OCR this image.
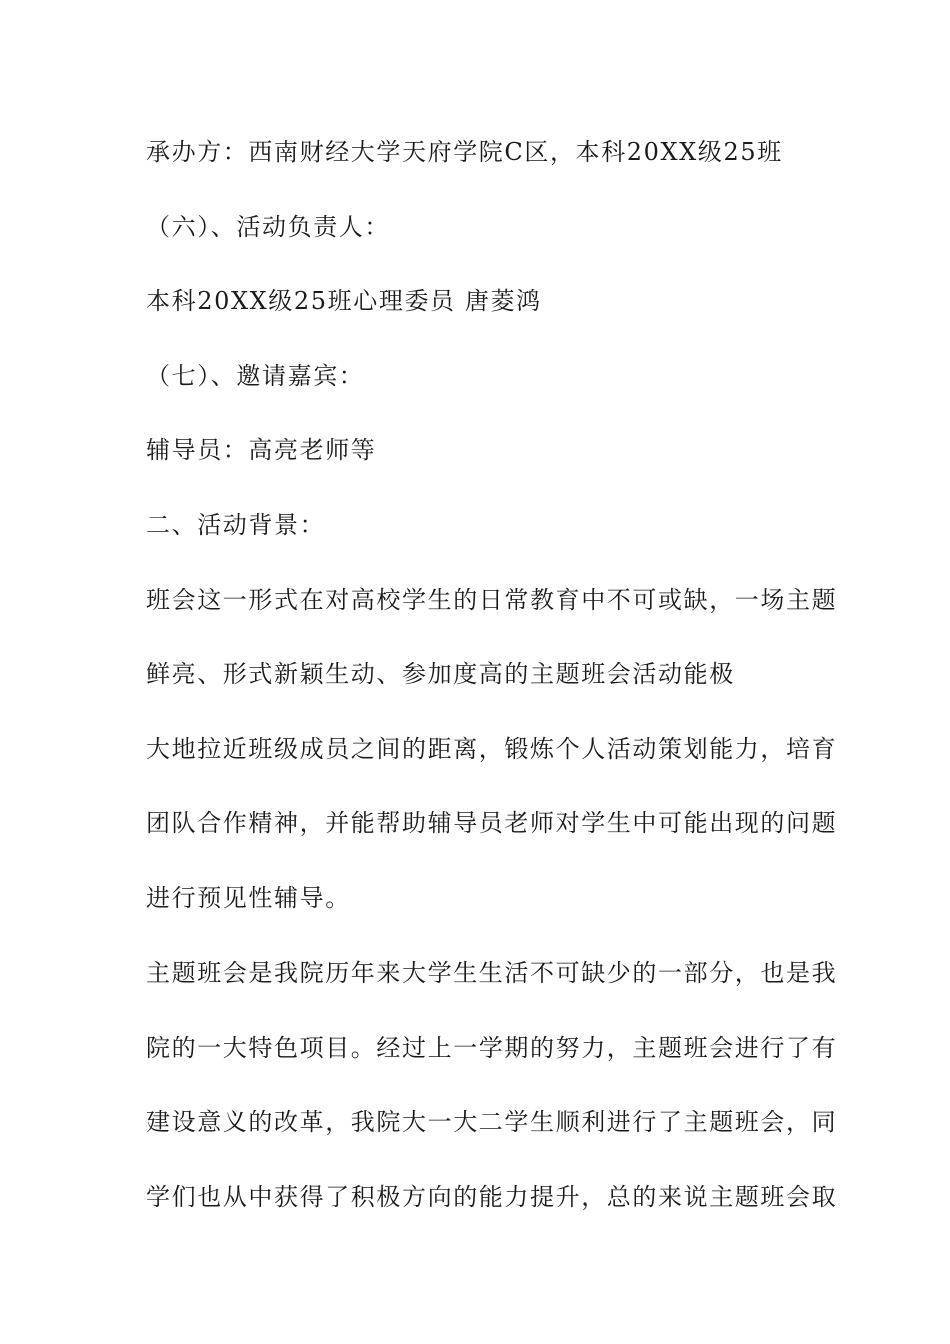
承办方：西南财经大学天府学院C区，本科20XX级25班
（六）、活动负责人：
本科20XX级25班心理委员 唐菱鸿
（七）、邀请嘉宾：
辅导员：高亮老师等
二、活动背景：
班会这一形式在对高校学生的日常教育中不可或缺，一场主题
鲜亮、形式新颖生动、参加度高的主题班会活动能极
大地拉近班级成员之间的距离，锻炼个人活动策划能力，培育
团队合作精神，并能帮助辅导员老师对学生中可能出现的问题
进行预见性辅导。
主题班会是我院历年来大学生生活不可缺少的一部分，也是我
院的一大特色项目。经过上一学期的努力，主题班会进行了有
建设意义的改革，我院大一大二学生顺利进行了主题班会，同
学们也从中获得了积极方向的能力提升，总的来说主题班会取
